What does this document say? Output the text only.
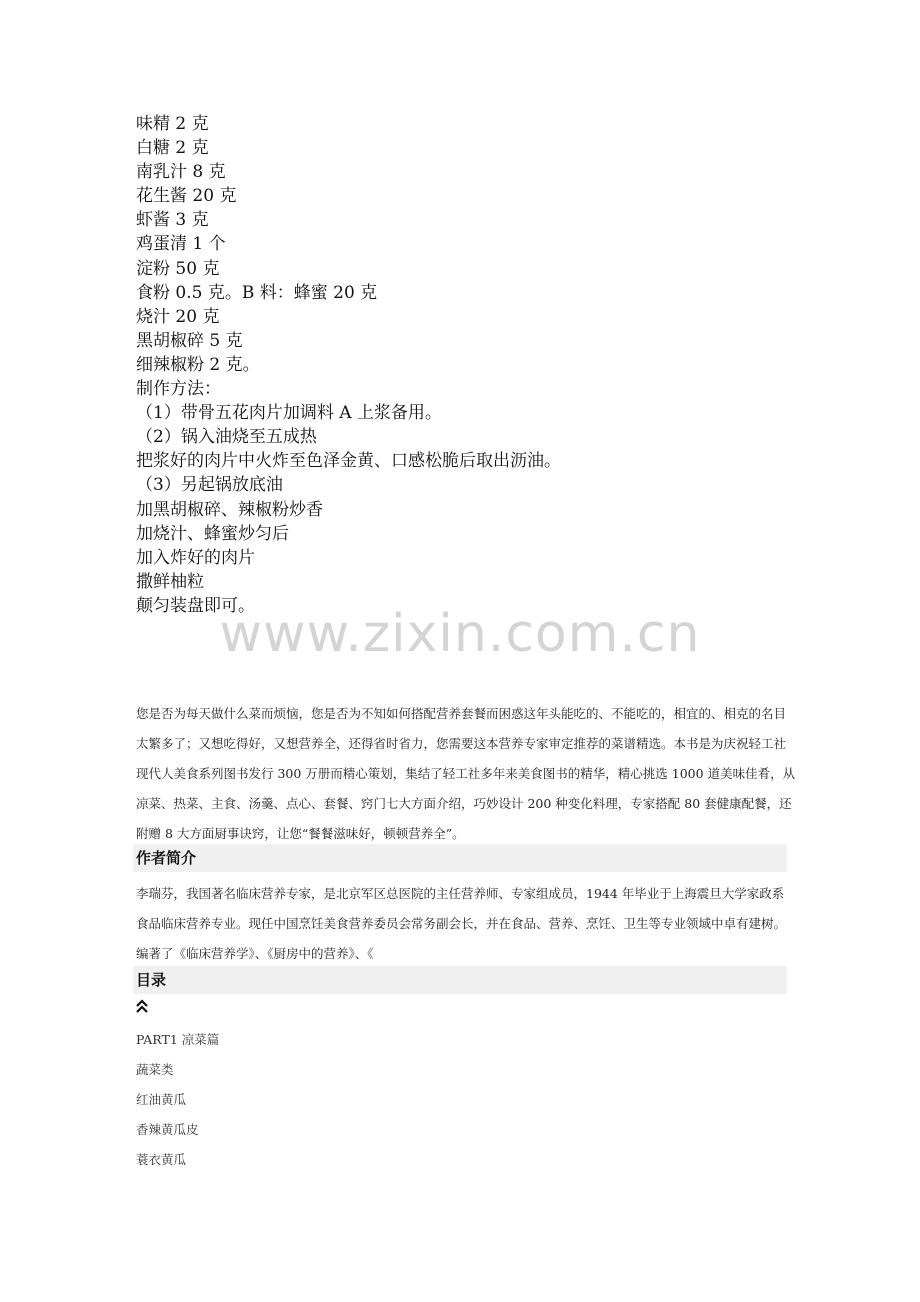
味精 2 克
白糖 2 克
南乳汁 8 克
花生酱 20 克
虾酱 3 克
鸡蛋清 1 个
淀粉 50 克
食粉 0.5 克。B 料：蜂蜜 20 克
烧汁 20 克
黑胡椒碎 5 克
细辣椒粉 2 克。
制作方法：
（1）带骨五花肉片加调料 A 上浆备用。
（2）锅入油烧至五成热
把浆好的肉片中火炸至色泽金黄、口感松脆后取出沥油。
（3）另起锅放底油
加黑胡椒碎、辣椒粉炒香
加烧汁、蜂蜜炒匀后
加入炸好的肉片
撒鲜柚粒
颠匀装盘即可。
www.zixin.com.cn
您是否为每天做什么菜而烦恼，您是否为不知如何搭配营养套餐而困惑这年头能吃的、不能吃的，相宜的、相克的名目太繁多了；又想吃得好，又想营养全，还得省时省力，您需要这本营养专家审定推荐的菜谱精选。本书是为庆祝轻工社现代人美食系列图书发行 300 万册而精心策划，集结了轻工社多年来美食图书的精华，精心挑选 1000 道美味佳肴，从凉菜、热菜、主食、汤羹、点心、套餐、窍门七大方面介绍，巧妙设计 200 种变化料理，专家搭配 80 套健康配餐，还附赠 8 大方面厨事诀窍，让您“餐餐滋味好，顿顿营养全”。
作者简介
李瑞芬，我国著名临床营养专家，是北京军区总医院的主任营养师、专家组成员，1944 年毕业于上海震旦大学家政系食品临床营养专业。现任中国烹饪美食营养委员会常务副会长，并在食品、营养、烹饪、卫生等专业领域中卓有建树。 编著了《临床营养学》、《厨房中的营养》、《
目录
PART1 凉菜篇
蔬菜类
红油黄瓜
香辣黄瓜皮
蓑衣黄瓜
